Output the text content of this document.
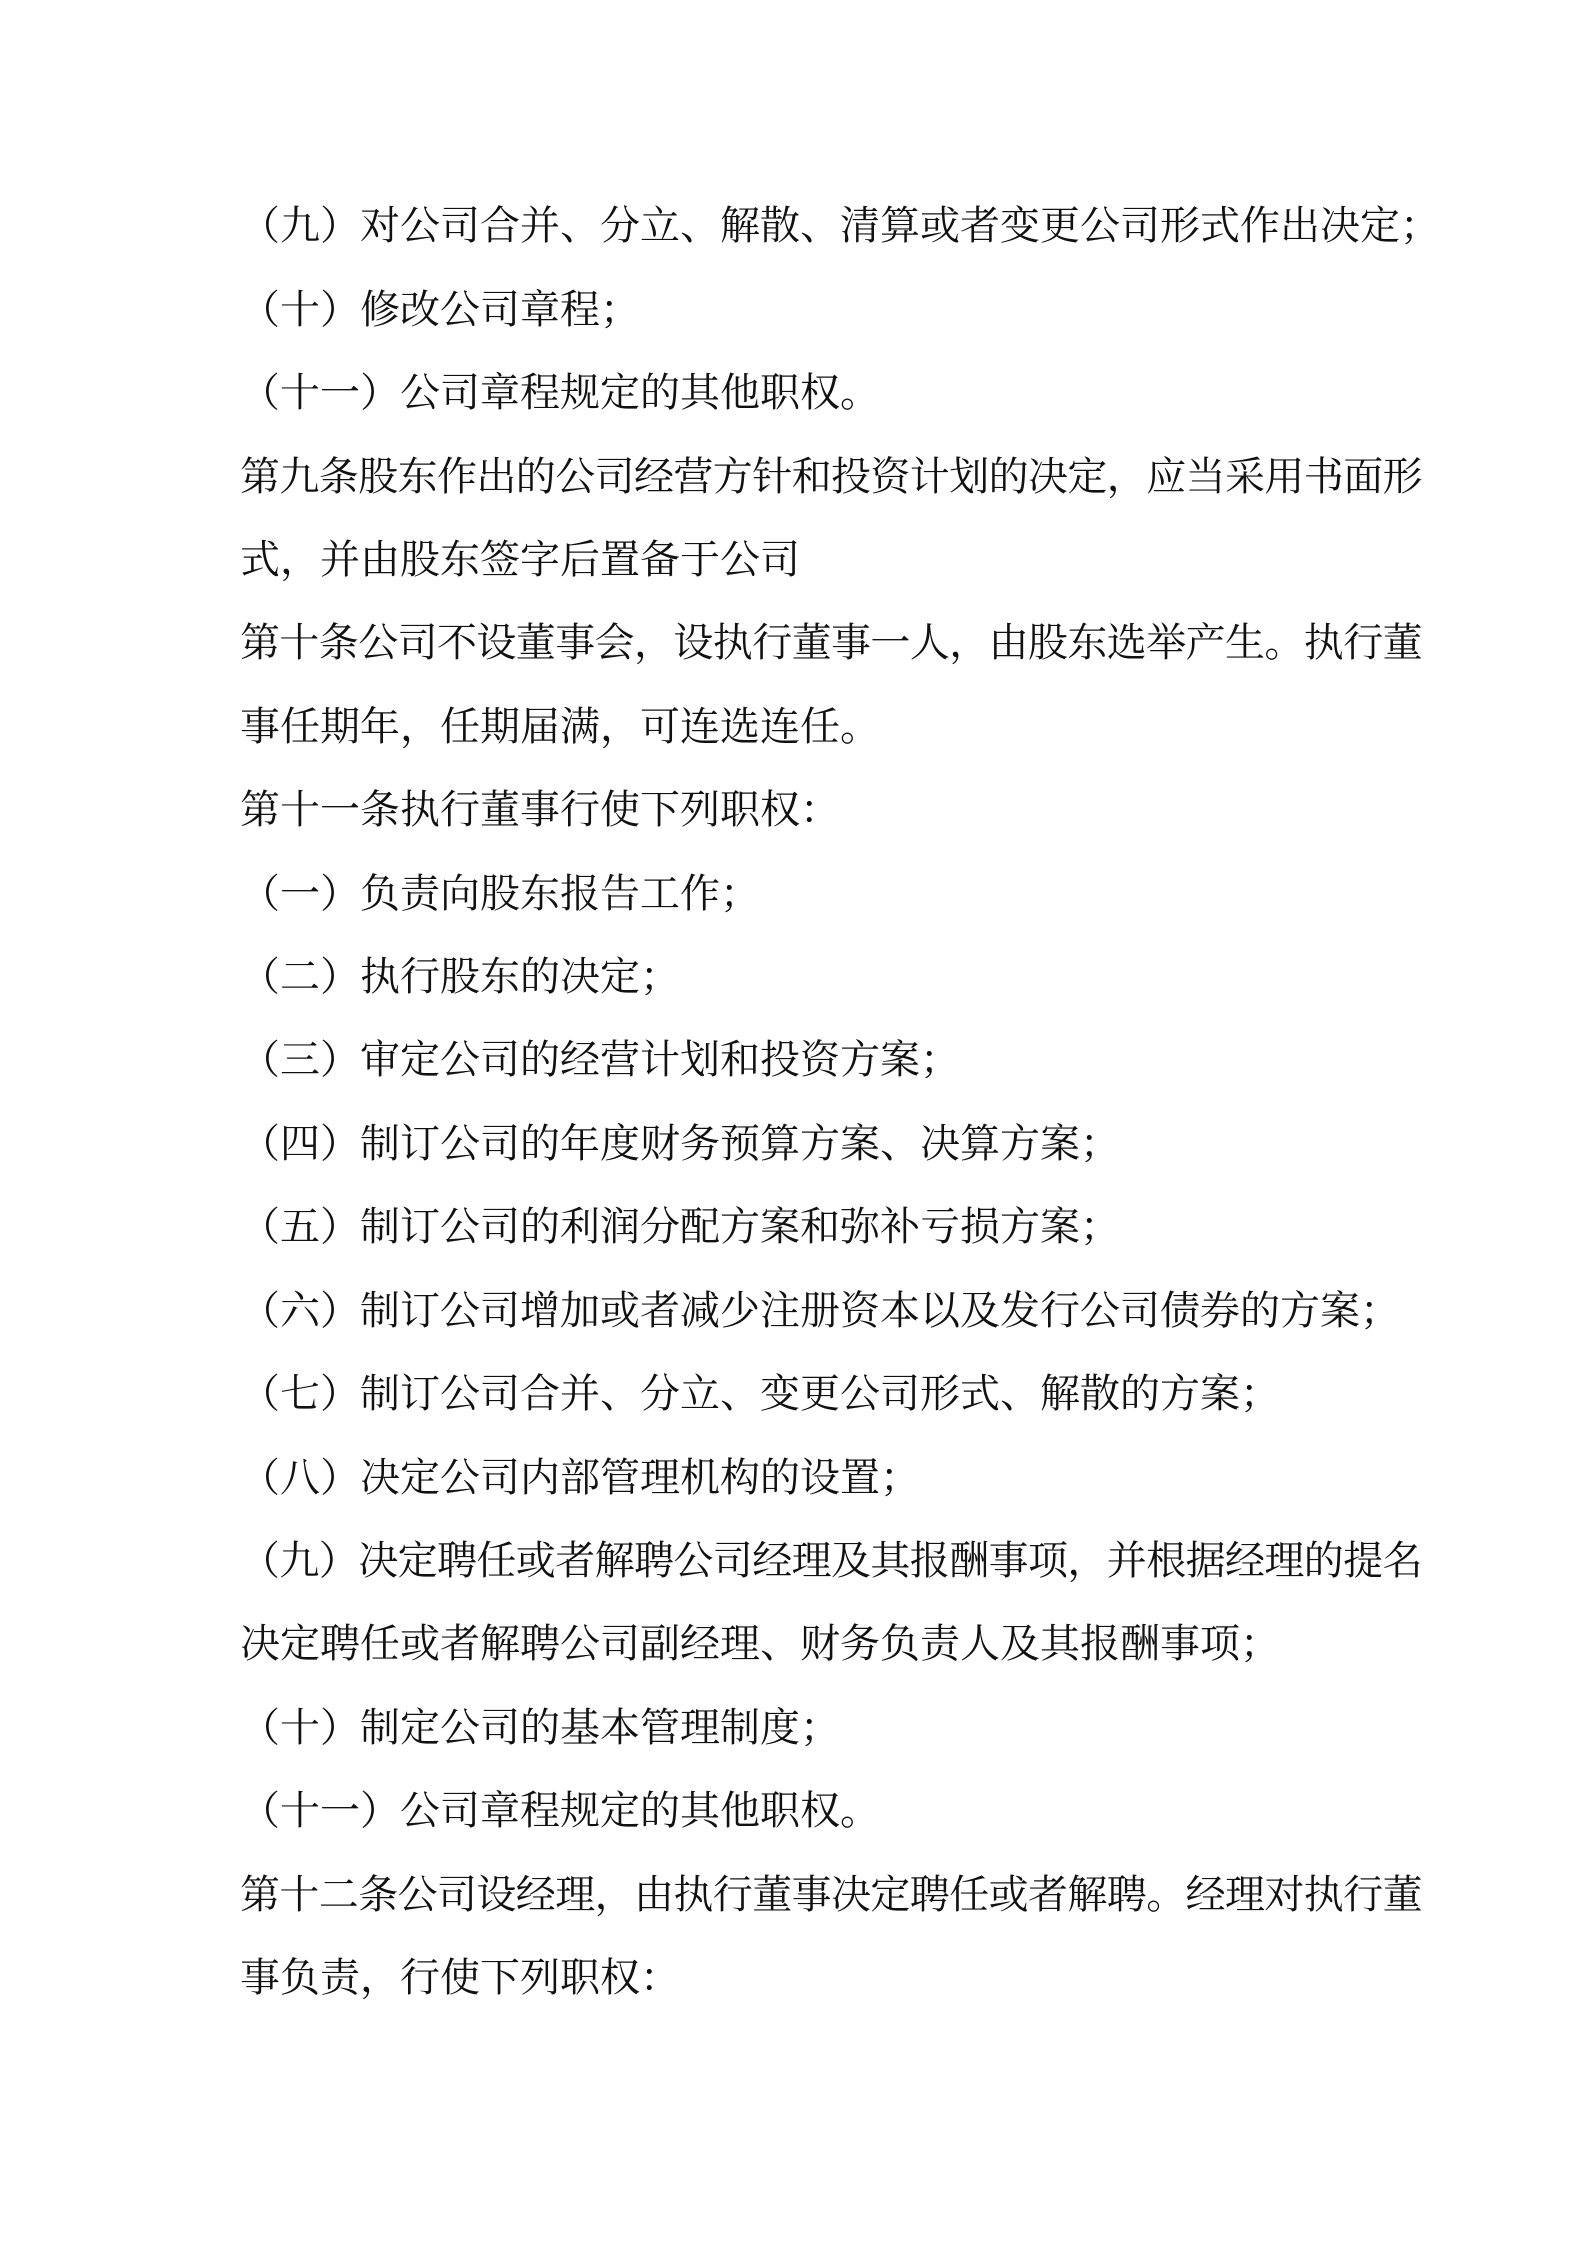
（九）对公司合并、分立、解散、清算或者变更公司形式作出决定；
（十）修改公司章程；
（十一）公司章程规定的其他职权。
第九条股东作出的公司经营方针和投资计划的决定，应当采用书面形
式，并由股东签字后置备于公司
第十条公司不设董事会，设执行董事一人，由股东选举产生。执行董
事任期年，任期届满，可连选连任。
第十一条执行董事行使下列职权：
（一）负责向股东报告工作；
（二）执行股东的决定；
（三）审定公司的经营计划和投资方案；
（四）制订公司的年度财务预算方案、决算方案；
（五）制订公司的利润分配方案和弥补亏损方案；
（六）制订公司增加或者减少注册资本以及发行公司债券的方案；
（七）制订公司合并、分立、变更公司形式、解散的方案；
（八）决定公司内部管理机构的设置；
（九）决定聘任或者解聘公司经理及其报酬事项，并根据经理的提名
决定聘任或者解聘公司副经理、财务负责人及其报酬事项；
（十）制定公司的基本管理制度；
（十一）公司章程规定的其他职权。
第十二条公司设经理，由执行董事决定聘任或者解聘。经理对执行董
事负责，行使下列职权：
